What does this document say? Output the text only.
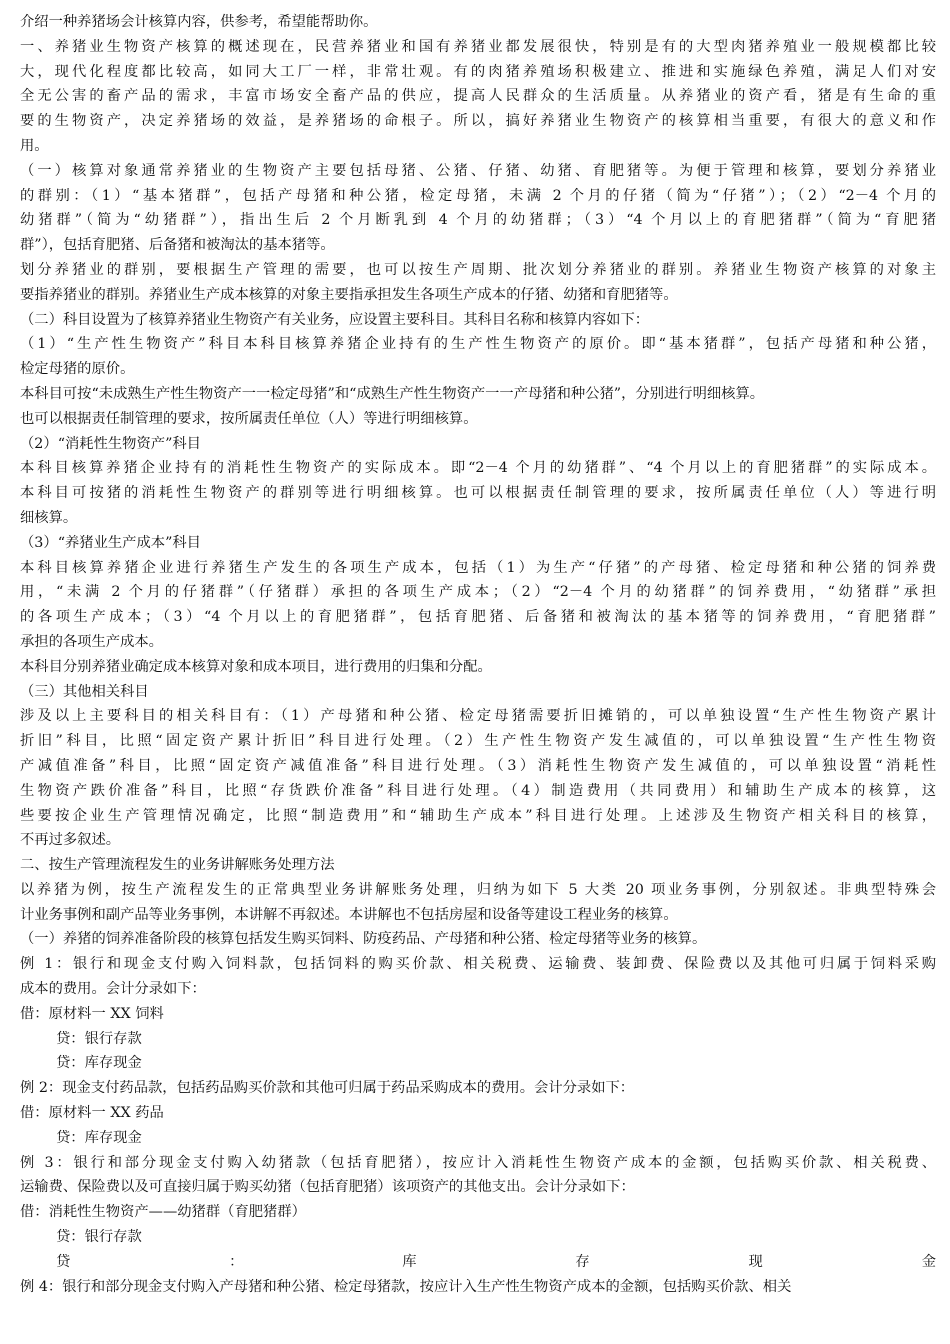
介绍一种养猪场会计核算内容，供参考，希望能帮助你。
一、养猪业生物资产核算的概述现在，民营养猪业和国有养猪业都发展很快，特别是有的大型肉猪养殖业一般规模都比较
大，现代化程度都比较高，如同大工厂一样，非常壮观。有的肉猪养殖场积极建立、推进和实施绿色养殖，满足人们对安
全无公害的畜产品的需求，丰富市场安全畜产品的供应，提高人民群众的生活质量。从养猪业的资产看，猪是有生命的重
要的生物资产，决定养猪场的效益，是养猪场的命根子。所以，搞好养猪业生物资产的核算相当重要，有很大的意义和作
用。
（一）核算对象通常养猪业的生物资产主要包括母猪、公猪、仔猪、幼猪、育肥猪等。为便于管理和核算，要划分养猪业
的群别：（1）“基本猪群”，包括产母猪和种公猪，检定母猪，未满 2 个月的仔猪（简为“仔猪”）；（2）“2－4 个月的
幼猪群”（简为“幼猪群”），指出生后 2 个月断乳到 4 个月的幼猪群；（3）“4 个月以上的育肥猪群”（简为“育肥猪
群”），包括育肥猪、后备猪和被淘汰的基本猪等。
划分养猪业的群别，要根据生产管理的需要，也可以按生产周期、批次划分养猪业的群别。养猪业生物资产核算的对象主
要指养猪业的群别。养猪业生产成本核算的对象主要指承担发生各项生产成本的仔猪、幼猪和育肥猪等。
（二）科目设置为了核算养猪业生物资产有关业务，应设置主要科目。其科目名称和核算内容如下：
（1）“生产性生物资产”科目本科目核算养猪企业持有的生产性生物资产的原价。即“基本猪群”，包括产母猪和种公猪，
检定母猪的原价。
本科目可按“未成熟生产性生物资产一一检定母猪”和“成熟生产性生物资产一一产母猪和种公猪”，分别进行明细核算。
也可以根据责任制管理的要求，按所属责任单位（人）等进行明细核算。
（2）“消耗性生物资产”科目
本科目核算养猪企业持有的消耗性生物资产的实际成本。即“2－4 个月的幼猪群”、“4 个月以上的育肥猪群”的实际成本。
本科目可按猪的消耗性生物资产的群别等进行明细核算。也可以根据责任制管理的要求，按所属责任单位（人）等进行明
细核算。
（3）“养猪业生产成本”科目
本科目核算养猪企业进行养猪生产发生的各项生产成本，包括（1）为生产“仔猪”的产母猪、检定母猪和种公猪的饲养费
用，“未满 2 个月的仔猪群”（仔猪群）承担的各项生产成本；（2）“2－4 个月的幼猪群”的饲养费用，“幼猪群”承担
的各项生产成本；（3）“4 个月以上的育肥猪群”，包括育肥猪、后备猪和被淘汰的基本猪等的饲养费用，“育肥猪群”
承担的各项生产成本。
本科目分别养猪业确定成本核算对象和成本项目，进行费用的归集和分配。
（三）其他相关科目
涉及以上主要科目的相关科目有：（1）产母猪和种公猪、检定母猪需要折旧摊销的，可以单独设置“生产性生物资产累计
折旧”科目，比照“固定资产累计折旧”科目进行处理。（2）生产性生物资产发生减值的，可以单独设置“生产性生物资
产减值准备”科目，比照“固定资产减值准备”科目进行处理。（3）消耗性生物资产发生减值的，可以单独设置“消耗性
生物资产跌价准备”科目，比照“存货跌价准备”科目进行处理。（4）制造费用（共同费用）和辅助生产成本的核算，这
些要按企业生产管理情况确定，比照“制造费用”和“辅助生产成本”科目进行处理。上述涉及生物资产相关科目的核算，
不再过多叙述。
二、按生产管理流程发生的业务讲解账务处理方法
以养猪为例，按生产流程发生的正常典型业务讲解账务处理，归纳为如下 5 大类 20 项业务事例，分别叙述。非典型特殊会
计业务事例和副产品等业务事例，本讲解不再叙述。本讲解也不包括房屋和设备等建设工程业务的核算。
（一）养猪的饲养准备阶段的核算包括发生购买饲料、防疫药品、产母猪和种公猪、检定母猪等业务的核算。
例 1：银行和现金支付购入饲料款，包括饲料的购买价款、相关税费、运输费、装卸费、保险费以及其他可归属于饲料采购
成本的费用。会计分录如下：
借：原材料一 XX 饲料
贷：银行存款
贷：库存现金
例 2：现金支付药品款，包括药品购买价款和其他可归属于药品采购成本的费用。会计分录如下：
借：原材料一 XX 药品
贷：库存现金
例 3：银行和部分现金支付购入幼猪款（包括育肥猪），按应计入消耗性生物资产成本的金额，包括购买价款、相关税费、
运输费、保险费以及可直接归属于购买幼猪（包括育肥猪）该项资产的其他支出。会计分录如下：
借：消耗性生物资产——幼猪群（育肥猪群）
贷：银行存款
贷：库存现金
例 4：银行和部分现金支付购入产母猪和种公猪、检定母猪款，按应计入生产性生物资产成本的金额，包括购买价款、相关
